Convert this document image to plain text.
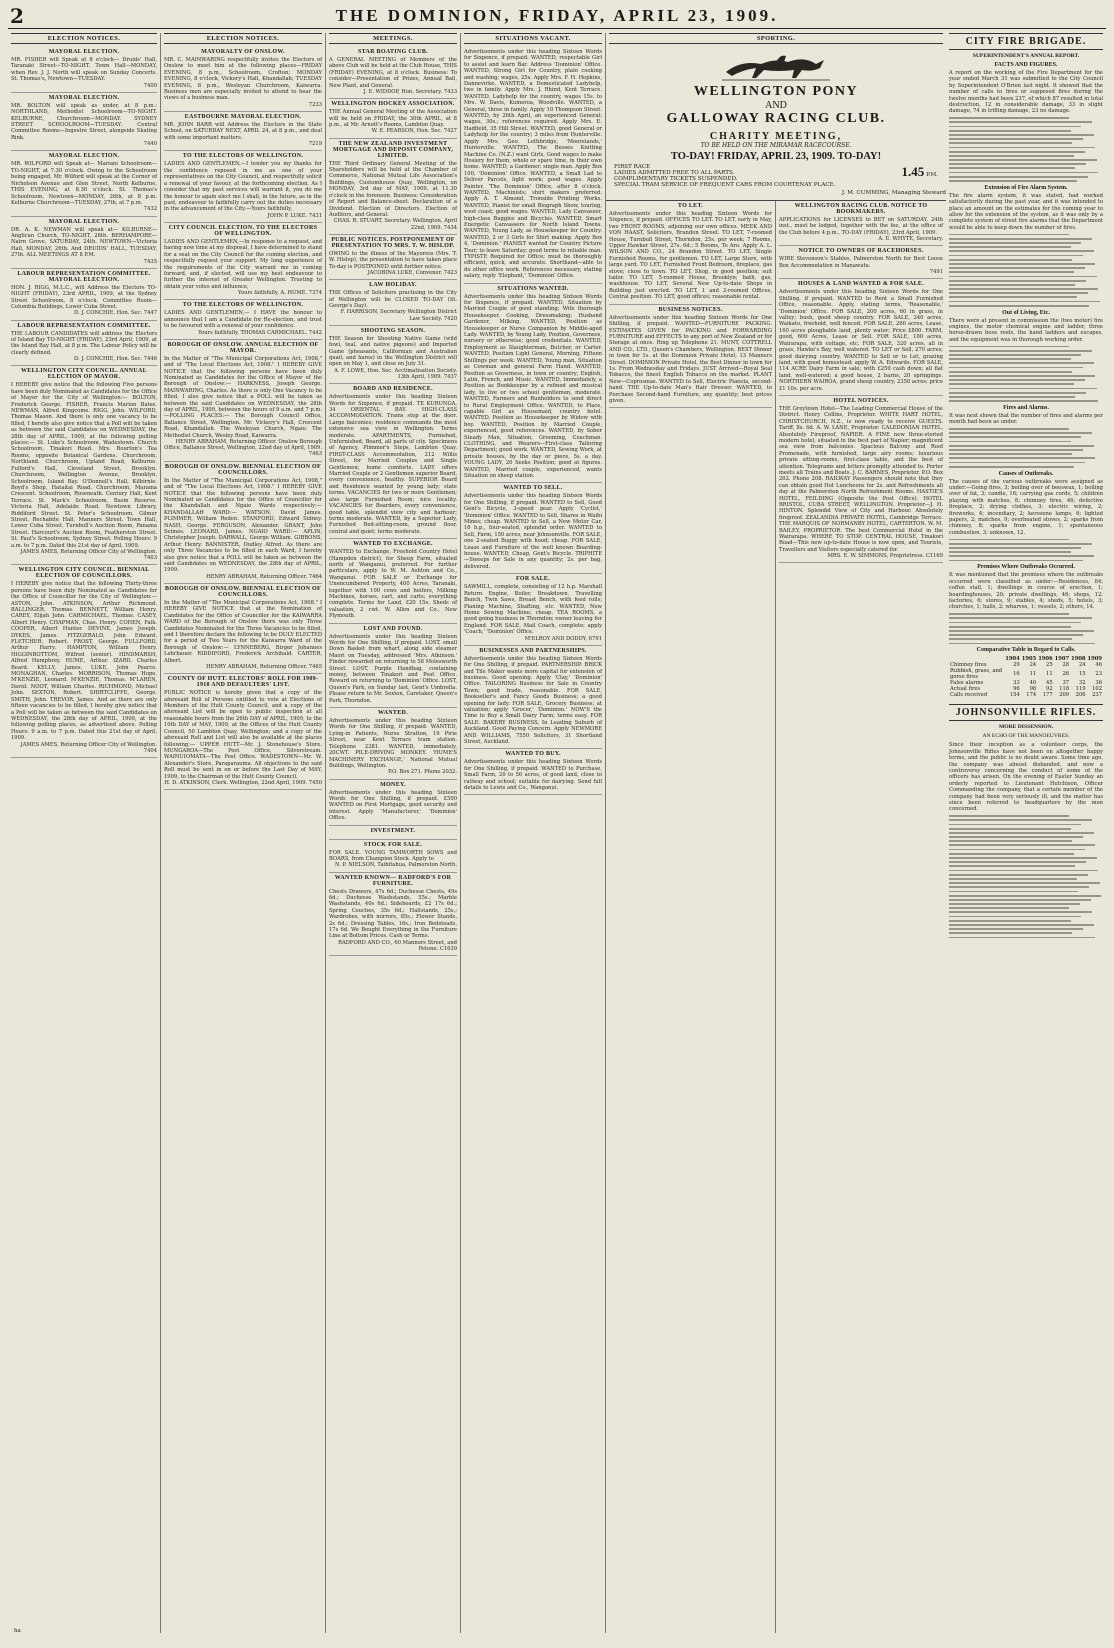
2	THE DOMINION, FRIDAY, APRIL 23, 1909.
ELECTION NOTICES.
MAYORAL ELECTION.
MR. FISHER will Speak at 8 o'clock— Druids' Hall, Taranaki Street—TO-NIGHT. Town Hall—MONDAY, when Rev. J. J. North will speak on Sunday Concerts. St. Thomas's, Newtown—TUESDAY.
7400
MAYORAL ELECTION.
MR. BOLTON will speak as under, at 8 p.m.: NORTHLAND, Methodist Schoolroom—TO-NIGHT. KELBURNE, Churchroom—MONDAY. SYDNEY STREET SCHOOLROOM—TUESDAY. Central Committee Rooms—Ingestre Street, alongside Skating Rink.
7440
MAYORAL ELECTION.
MR. WILFORD will Speak at— Mariani Schoolroom—TO-NIGHT, at 7.30 o'clock. Owing to the Schoolroom being engaged, Mr. Wilford will speak at the Corner of Nicholson Avenue and Glen Street, North Kelburne, THIS EVENING, at 8.30 o'clock. St. Thomas's Schoolroom, Newtown—MONDAY, 26th, at 8 p.m. Kelburne Churchroom—TUESDAY, 27th, at 7 p.m.
7432
MAYORAL ELECTION.
DR. A. K. NEWMAN will speak at— KILBURNE—Anglican Church, TO-NIGHT, 26th. BERHAMPORE—Nairn Grove, SATURDAY, 24th. NEWTOWN—Victoria Hall, MONDAY, 26th. And DRUIDS' HALL, TUESDAY, 27th. ALL MEETINGS AT 8 P.M.
7435
LABOUR REPRESENTATION COMMITTEE. MAYORAL ELECTION.
HON. J. RIGG, M.L.C., will Address the Electors TO-NIGHT (FRIDAY), 23rd APRIL, 1909, at the Sydney Street Schoolroom, 8 o'clock. Committee Room—Columbia Buildings, Lower Cuba Street.
D. J. CONCHIE, Hon. Sec. 7447
LABOUR REPRESENTATION COMMITTEE.
THE LABOUR CANDIDATES will address the Electors of Island Bay TO-NIGHT (FRIDAY), 23rd April, 1909, at the Island Bay Hall, at 8 p.m. The Labour Policy will be clearly defined.
D. J. CONCHIE, Hon. Sec. 7446
WELLINGTON CITY COUNCIL. ANNUAL ELECTION OF MAYOR.
I HEREBY give notice that the following Five persons have been duly Nominated as Candidates for the Office of Mayor for the City of Wellington:— BOLTON, Frederick George. FISHER, Francis Marion Bates. NEWMAN, Alfred Kingcome. RIGG, John. WILFORD, Thomas Mason. And there is only one vacancy to be filled, I hereby also give notice that a Poll will be taken as between the said Candidates on WEDNESDAY, the 28th day of APRIL, 1909, at the following polling places:— St. Luke's Schoolroom, Wadestown. Church Schoolroom, Tinakori Road. Mrs. Bourton's Tea Rooms, opposite Botanical Gardens. Churchroom, Northland. Churchroom, Upland Road, Kelburne. Fulford's Hall, Cleveland Street, Brooklyn. Churchroom, Wellington Avenue, Brooklyn. Schoolroom, Island Bay. O'Donnell's Hall, Kilbirnie. Boyd's Shop, Hataitai Road. Churchroom, Marama Crescent. Schoolroom, Roseneath. Century Hall, Kent Terrace. St. Mark's Schoolroom, Basin Reserve. Victoria Hall, Adelaide Road. Newtown Library, Riddiford Street. St. Peter's Schoolroom, Gilmer Street. Rechabite Hall, Manners Street. Town Hall, Lower Cuba Street. Turnbull's Auction Room, Panama Street. Harcourt's Auction Room, Featherston Street. St. Paul's Schoolroom, Sydney Street. Polling Hours: 9 a.m. to 7 p.m. Dated this 21st day of April, 1909.
JAMES AMES, Returning Officer City of Wellington. 7403
WELLINGTON CITY COUNCIL. BIENNIAL ELECTION OF COUNCILLORS.
I HEREBY give notice that the following Thirty-three persons have been duly Nominated as Candidates for the Office of Councillor for the City of Wellington:— ASTON, John. ATKINSON, Arthur Richmond. BALLINGER, Thomas. BENNETT, William Henry. CAREY, Elijah John. CARMICHAEL, Thomas. CASEY, Albert Henry. CHAPMAN, Chas. Henry. COHEN, Falk. COOPER, Albert Hunter. DEVINE, James Joseph. DYKES, James. FITZGERALD, John Edward. FLETCHER, Robert. FROST, George. FULLFORD, Arthur Harry. HAMPTON, William Henry. HIGGINBOTTOM, Wilfred (senior). HINDMARSH, Alfred Humphrey. HUME, Arthur. IZARD, Charles Beard. KELLY, James. LUKE, John Pearce. MONAGHAN, Charles. MORRISON, Thomas Hope. M'KENZIE, Leonard. M'KENZIE, Thomas. M'LAREN, David. NOOT, William Charles. RICHMOND, Michael John. SEXTON, Robert. SHIRTCLIFFE, George. SMITH, John. TREVOR, James. And as there are only fifteen vacancies to be filled, I hereby give notice that a Poll will be taken as between the said Candidates on WEDNESDAY, the 28th day of APRIL, 1909, at the following polling places, as advertised above. Polling Hours: 9 a.m. to 7 p.m. Dated this 21st day of April, 1909.
JAMES AMES, Returning Officer City of Wellington. 7404
ELECTION NOTICES.
MAYORALTY OF ONSLOW.
MR. C. MAINWARING respectfully invites the Electors of Onslow to meet him at the following places—FRIDAY EVENING, 8 p.m., Schoolroom, Crofton; MONDAY EVENING, 8 o'clock, Vickery's Hall, Khandallah; TUESDAY EVENING, 8 p.m., Wesleyan Churchroom, Kaiwarra. Business men are especially invited to attend to hear the views of a business man.
7233
EASTBOURNE MAYORAL ELECTION.
MR. JOHN BARR will Address the Electors in the State School, on SATURDAY NEXT, APRIL 24, at 8 p.m., and deal with some important matters.
7219
TO THE ELECTORS OF WELLINGTON.
LADIES AND GENTLEMEN,—I tender you my thanks for the confidence reposed in me as one of your representatives on the City Council, and respectfully solicit a renewal of your favour, at the forthcoming election. As I consider that my past services will warrant it, you do me the honour to again elect me I shall, in the future, as in the past, endeavour to faithfully carry out the duties necessary in the advancement of the City.—Yours faithfully,
JOHN P. LUKE. 7431
CITY COUNCIL ELECTION. TO THE ELECTORS OF WELLINGTON.
LADIES AND GENTLEMEN,—In response to a request, and having now time at my disposal, I have determined to stand for a seat on the City Council for the coming election, and respectfully request your support. My long experience of the requirements of the City warrant me in coming forward, and, if elected, will use my best endeavour to further the interest of Greater Wellington. Trusting to obtain your votes and influence,
Yours faithfully, A. HUME. 7374
TO THE ELECTORS OF WELLINGTON.
LADIES AND GENTLEMEN,— I HAVE the honour to announce that I am a Candidate for Re-election, and trust to be favoured with a renewal of your confidence.
Yours faithfully, THOMAS CARMICHAEL. 7442
BOROUGH OF ONSLOW. ANNUAL ELECTION OF MAYOR.
In the Matter of "The Municipal Corporations Act, 1908," and of "The Local Elections Act, 1908." I HEREBY GIVE NOTICE that the following persons have been duly Nominated as Candidates for the Office of Mayor of the Borough of Onslow:— HARKNESS, Joseph George. MAINWARING, Charles. As there is only One Vacancy to be filled, I also give notice that a POLL will be taken as between the said Candidates on WEDNESDAY, the 28th day of APRIL, 1909, between the hours of 9 a.m. and 7 p.m. —POLLING PLACES:— The Borough Council Office, Ballance Street, Wellington. Mr. Vickery's Hall, Crescent Road, Khandallah. The Wesleyan Church, Ngaio. The Methodist Church, Wesley Road, Kaiwarra.
HENRY ABRAHAM, Returning Officer. Onslow Borough Office, Ballance Street, Wellington, 22nd day of April, 1909. 7463
BOROUGH OF ONSLOW. BIENNIAL ELECTION OF COUNCILLORS.
In the Matter of "The Municipal Corporations Act, 1908," and of "The Local Elections Act, 1908." I HEREBY GIVE NOTICE that the following persons have been duly Nominated as Candidates for the Office of Councillor for the Khandallah and Ngaio Wards respectively:— KHANDALLAH WARD:— WATSON, David James. PLIMMER, William Reden. STANFORD, Edward Sidney. NASH, George. FERGUSON, Alexander. GRANT, John Selmes. LEONARD, James. NGAIO WARD:— APLIN, Christopher Joseph. DARWALL, George William. GIBBONS, Arthur Henry. BANNISTER, Dudley Alfred. As there are only Three Vacancies to be filled in each Ward, I hereby also give notice that a POLL will be taken as between the said Candidates on WEDNESDAY, the 28th day of APRIL, 1909.
HENRY ABRAHAM, Returning Officer. 7464
BOROUGH OF ONSLOW. BIENNIAL ELECTION OF COUNCILLORS.
In the Matter of "The Municipal Corporations Act, 1908." I HEREBY GIVE NOTICE that at the Nomination of Candidates for the Office of Councillor for the KAIWARRA WARD of the Borough of Onslow there was only Three Candidates Nominated for the Three Vacancies to be filled, and I therefore declare the following to be DULY ELECTED for a period of Two Years for the Kaiwarra Ward of the Borough of Onslow:— LYNNEBERG, Birger Johannes Lehrbauer. RIDDIFORD, Frederick Archibald. CARTER, Albert.
HENRY ABRAHAM, Returning Officer. 7465
COUNTY OF HUTT. ELECTORS' ROLL FOR 1909-1910 AND DEFAULTERS' LIST.
PUBLIC NOTICE is hereby given that a copy of the aforesaid Roll of Persons entitled to vote at Elections of Members of the Hutt County Council, and a copy of the aforesaid List will be open to public inspection at all reasonable hours from the 26th DAY of APRIL, 1909, to the 10th DAY of MAY, 1909, at the Offices of the Hutt County Council, 50 Lambton Quay, Wellington; and a copy of the aforesaid Roll and List will also be available at the places following:— UPPER HUTT—Mr. J. Stonehouse's Store. MUNGAROA—The Post Office, Silverstream. WAINUIOMATA—The Post Office. WADESTOWN—Mr. W. Alexander's Store, Paraparaumu. All objections to the said Roll must be sent in on or before the Last Day of MAY, 1909, to the Chairman of the Hutt County Council.
H. D. ATKINSON, Clerk. Wellington, 22nd April, 1909. 7450
MEETINGS.
STAR BOATING CLUB.
A GENERAL MEETING of Members of the above Club will be held at the Club House, THIS (FRIDAY) EVENING, at 8 o'clock. Business: To consider—Presentation of Prizes, Annual Ball, New Plant, and General.
J. E. WIDDOP, Hon. Secretary. 7433
WELLINGTON HOCKEY ASSOCIATION.
THE Annual General Meeting of the Association will be held on FRIDAY, the 30th APRIL, at 8 p.m., at Mr. Arnott's Rooms, Lambton Quay.
W. E. PEARSON, Hon. Sec. 7427
THE NEW ZEALAND INVESTMENT MORTGAGE AND DEPOSIT COMPANY, LIMITED.
THE Third Ordinary General Meeting of the Shareholders will be held at the Chamber of Commerce, National Mutual Life Association's Buildings, Customhouse Quay, Wellington, on MONDAY, 3rd day of MAY, 1909, at 11.30 o'clock in the forenoon. Business: Consideration of Report and Balance-sheet. Declaration of a Dividend. Election of Directors. Election of Auditors, and General.
CHAS. R. STUART, Secretary. Wellington, April 22nd, 1909. 7434
PUBLIC NOTICES. POSTPONEMENT OF PRESENTATION TO MRS. T. W. HISLOP.
OWING to the illness of the Mayoress (Mrs. T. W. Hislop), the presentation to have taken place To-day is POSTPONED until further notice.
JACOBINA LUKE, Convener. 7423
LAW HOLIDAY.
THE Offices of Solicitors practising in the City of Wellington will be CLOSED TO-DAY (St. George's Day).
F. HARRISON, Secretary Wellington District Law Society. 7420
SHOOTING SEASON.
THE Season for Shooting Native Game (wild fowl, teal, and native pigeons) and Imported Game (pheasants, Californian and Australian quail, and hares) in the Wellington District will open on May 1, and close on July 31.
A. F. LOWE, Hon. Sec. Acclimatisation Society. 13th April, 1909. 7437
BOARD AND RESIDENCE.
Advertisements under this heading Sixteen Words for Sixpence, if prepaid. TE KURUNGA, 34 ORIENTAL BAY. HIGH-CLASS ACCOMMODATION. Trams stop at the door. Large balconies; residence commands the most extensive sea view in Wellington. Terms moderate. APARTMENTS, Furnished, Unfurnished, Board, all parts of city. Specimens of Agency, Plimmer's Steps, Lambton Quay. FIRST-CLASS Accommodation, 212 Willis Street, for Married Couples and Single Gentlemen; home comforts. LADY offers Married Couple or 2 Gentlemen superior Board, every convenience, healthy. SUPERIOR Board and Residence wanted by young lady; state terms. VACANCIES for two or more Gentlemen; also large Furnished Room; nice locality. VACANCIES for Boarders, every convenience, good table, splendid view city and harbour; terms moderate. WANTED, by a Superior Lady, Furnished Bed-sitting-room, ground floor, central and quiet; terms moderate.
WANTED TO EXCHANGE.
WANTED to Exchange, Freehold Country Hotel (Hampden district), for Sheep Farm, situated north of Wanganui, preferred. For further particulars, apply to W. M. Ashton and Co., Wanganui. FOR SALE or Exchange for Unencumbered Property, 400 Acres, Taranaki, together with 100 cows and heifers, Milking Machines, horses, cart, and carts; everything complete. Terms for Land, £20 15s. Sheds of valuation, 2 cwt. W. Allen and Co., New Plymouth.
LOST AND FOUND.
Advertisements under this heading Sixteen Words for One Shilling, if prepaid. LOST, small Down Basket from wharf, along side steamer Maori on Tuesday, addressed 'Mrs. Atkinson.' Finder rewarded on returning to 58 Molesworth Street. LOST, Purple Handbag, containing money, between Tinakori and Post Office. Reward on returning to 'Dominion' Office. LOST, Queen's Park, on Sunday last, Gent's Umbrella. Please return to Mr. Sexton, Caretaker, Queen's Park, Thorndon.
WANTED.
Advertisements under this heading Sixteen Words for One Shilling, if prepaid. WANTED, Lying-in Patients, Nurse Stratton, 19 Pirie Street, near Kent Terrace tram station. Telephone 2381. WANTED, immediately, 20CWT. PILE-DRIVING MONKEY. 'HUME'S MACHINERY EXCHANGE,' National Mutual Buildings, Wellington.
P.O. Box 271. Phone 2032.
MONEY.
Advertisements under this heading Sixteen Words for One Shilling, if prepaid. £500 WANTED on First Mortgage, good security and interest. Apply 'Manufacturer,' 'Dominion' Office.
INVESTMENT.
STOCK FOR SALE.
FOR SALE. YOUNG TAMWORTH SOWS and BOARS, from Champion Stock. Apply to
N. P. NIELSON, Taihitahua, Palmerston North.
WANTED KNOWN— RADFORD'S FOR FURNITURE.
Chests Drawers, 47s 6d.; Duchesse Chests, 49s 6d.; Duchesse Washstands, 55s.; Marble Washstands, 40s 6d.; Sideboards, £2 17s 6d.; Spring Couches, 35s 6d.; Hallstands, 25s.; Wardrobes, with mirrors, 85s.; Flower Stands, 2s 6d.; Dressing Tables, 16s.; Iron Bedsteads, 17s 6d. We Bought Everything in the Furniture Line at Bottom Prices. Cash or Terms.
RADFORD AND CO., 60 Manners Street, and Petone. C1639
SITUATIONS VACANT.
Advertisements under this heading Sixteen Words for Sixpence, if prepaid. WANTED, respectable Girl to assist and learn Bar. Address 'Dominion' Office. WANTED, Strong Girl for Country, plain cooking and washing; wages, 25s. Apply Mrs. F. H. Hopkins, Dannevirke. WANTED, a Domesticated Ladyhelp, two in family. Apply Mrs. J. Rhind, Kent Terrace. WANTED, Ladyhelp for the country, wages 15s. to Mrs. W. Davis, Kumeroa, Woodville. WANTED, a General, three in family. Apply 10 Thompson Street. WANTED, by 26th April, an experienced General; wages, 30s.; references required. Apply Mrs. E. Hadfield, 35 Hill Street. WANTED, good General or Ladyhelp for the country; 3 miles from Hunterville. Apply Mrs. Geo. Lethbridge, 'Moorelands,' Hunterville. WANTED, The Busses Knitting Machine Co. (N.Z.) want Girls, Good wages to make Hosiery for them, whole or spare time, in their own home. WANTED, a Gardener: single man. Apply Box 100, 'Dominion' Office. WANTED, a Small Lad to Deliver Parcels, light work; good wages. Apply Painter, 'The Dominion' Office, after 8 o'clock. WANTED, Machinists; shirt makers preferred. Apply A. T. Almond, Tronside Printing Works. WANTED, Pianist for small Biograph Show, touring, west coast; good wages. WANTED, Lady Canvasser, high-class Buggies and Bicycles. WANTED, Smart Energetic Canvassers for North Island Towns. WANTED, Young Lady, as Housekeeper for Country. WANTED, 2 or 3 Girls for Shirt making. Apply Box 4, 'Dominion.' PIANIST wanted for Country Picture Tour; to leave Saturday; good terms to reliable man. TYPISTE Required for Office; must be thoroughly efficient, quick, and accurate. Shorthand—able to do other office work. References necessary, stating salary, reply 'Elephant,' 'Dominion' Office.
SITUATIONS WANTED.
Advertisements under this heading Sixteen Words for Sixpence, if prepaid. WANTED, Situation by Married Couple of good standing; Wife thorough Housekeeper, Cooking, Dressmaking; Husband Gardener, Milking. WANTED, Position as Housekeeper or Nurse Companion by Middle-aged Lady. WANTED, by Young Lady, Position, Governess, nursery or otherwise; good credentials. WANTED, Employment as Slaughterman, Butcher, or Carter. WANTED, Position Light General, Morning, Fifteen Shillings per week. WANTED, Young man, Situation as Cowman and general Farm Hand. WANTED, Position as Governess, in town or country; English, Latin, French, and Music. WANTED, Immediately, a Position as Bookkeeper by a refined and musical lady, to live or two school gentlemen, moderate. WANTED, Farmers and Runholders to send direct to Rural Employment Office. WANTED, to Place, capable Girl as Housemaid, country hotel. WANTED, Position as Housekeeper by Widow with boy. WANTED, Position by Married Couple, experienced, good references. WANTED, by Sober Steady Man, Situation, Grooming, Coachman. CLOTHING, and Wearers—First-class Tailoring Department; good work. WANTED, Sewing Work, at private houses, by the day or piece, 5s. a day. YOUNG LADY, 20 Seeks Position; good at figures. WANTED, Married couple, experienced, wants Situation on sheep station.
WANTED TO SELL.
Advertisements under this heading Sixteen Words for One Shilling, if prepaid. WANTED to Sell, Good Gent's Bicycle, 3-speed gear. Apply 'Cyclist,' 'Dominion' Office. WANTED to Sell, Shares in Waihi Mines; cheap. WANTED to Sell, a New Motor Car, 16 h.p., four-seated, splendid order. WANTED to Sell, Farm, 150 acres, near Johnsonville. FOR SALE, one 2-seated Buggy with hood; cheap. FOR SALE, Lease and Furniture of the well known Boarding-house. WANTED, Cheap, Gent's Bicycle. TRIPHITE—Sweeps for Sale in any quantity; 2s. per bag, delivered.
FOR SALE.
SAWMILL, complete, consisting of 12 h.p. Marshall Return Engine, Boiler, Breakdown, Travelling Bench, Twin Saws, Breast Bench, with feed rolls; Planing Machine, Shafting, etc. WANTED, New Home Sewing Machine; cheap. TEA ROOMS, a good going business in Thorndon; owner leaving for England. FOR SALE, Mail Coach, complete; apply 'Coach,' 'Dominion' Office.
M'ELROY AND DODDY, 6791
BUSINESSES AND PARTNERSHIPS.
Advertisements under this heading Sixteen Words for One Shilling, if prepaid. PARTNERSHIP. BRICK and Tile Maker wants more capital for extension of business. Good opening. Apply 'Clay,' 'Dominion' Office. TAILORING Business for Sale in Country Town; good trade, reasonable. FOR SALE, Bookseller's and Fancy Goods Business; a good opening for lady. FOR SALE, Grocery Business; at valuation; apply 'Grocer,' 'Dominion.' NOW'S the Time to Buy a Small Dairy Farm; terms easy. FOR SALE. BAKERY BUSINESS, In Leading Suburb of Auckland. Good Paying Concern. Apply NEWMORE AND WILLIAMS, 7550 Solicitors, 31 Shortland Street, Auckland.
WANTED TO BUY.
Advertisements under this heading Sixteen Words for One Shilling, if prepaid. WANTED to Purchase, Small Farm, 20 to 50 acres, of good land, close to railway and school; suitable for dairying. Send full details to Lewis and Co., Wanganui.
SPORTING.
WELLINGTON PONY
AND
GALLOWAY RACING CLUB.
CHARITY MEETING,
TO BE HELD ON THE MIRAMAR RACECOURSE.
TO-DAY! FRIDAY, APRIL 23, 1909. TO-DAY!
FIRST RACE
LADIES ADMITTED FREE TO ALL PARTS.
COMPLIMENTARY TICKETS SUSPENDED.
SPECIAL TRAM SERVICE OF FREQUENT CARS FROM COURTENAY PLACE.
1.45 P.M.
J. M. CUMMING, Managing Steward
TO LET.
Advertisements under this heading Sixteen Words for Sixpence, if prepaid. OFFICES TO LET. TO LET, early in May, two FRONT ROOMS, adjoining our own offices. MEEK AND VON HAAST, Solicitors, Brandon Street. TO LET, 7-roomed House, Turnbull Street, Thorndon, 25s. per week; 7 Rooms, Upper Hawker Street, 27s. 6d.; 5 Rooms, Te Aro. Apply A. L. WILSON AND CO., 24 Brandon Street. TO LET, Single Furnished Rooms, for gentlemen. TO LET, Large Store, with large yard. TO LET, Furnished Front Bedroom, fireplace, gas stove; close to town. TO LET, Shop, in good position; suit tailor. TO LET, 5-roomed House, Brooklyn; bath, gas, washhouse. TO LET, Several New Up-to-date Shops in Building just erected. TO LET, 1 and 2-roomed Offices, Central position. TO LET, good offices; reasonable rental.
BUSINESS NOTICES.
Advertisements under this heading Sixteen Words for One Shilling, if prepaid. WANTED—FURNITURE PACKING. ESTIMATES GIVEN for PACKING and FORWARDING FURNITURE and EFFECTS to any port of New Zealand or for Storage at once. Ring up Telephone 21. MUNT, COTTRELL AND CO., LTD., Queen's Chambers, Wellington. BEST Dinner in town for 1s. at the Dominion Private Hotel, 13 Manners Street. DOMINION Private Hotel, the Best Dinner in town for 1s. From Wednesday and Fridays. JUST Arrived—Royal Seal Tobacco, the finest English Tobacco on the market. PLANT New—Coprosmas. WANTED to Sell, Electric Pianola, second-hand. THE Up-to-date Man's Hair Dresser. WANTED, to Purchase Second-hand Furniture, any quantity; best prices given.
WELLINGTON RACING CLUB. NOTICE TO BOOKMAKERS.
APPLICATIONS for LICENSES to BET on SATURDAY, 24th inst., must be lodged, together with the fee, at the office of the Club before 4 p.m., TO-DAY (FRIDAY), 23rd April, 1909.
A. E. WHYTE, Secretary.
NOTICE TO OWNERS OF RACEHORSES.
WIRE Stevenson's Stables, Palmerston North for Best Loose Box Accommodation in Manawatu.
7491
HOUSES & LAND WANTED & FOR SALE.
Advertisements under this heading Sixteen Words for One Shilling, if prepaid. WANTED to Rent a Small Furnished Office, reasonable. Apply, stating terms, 'Reasonable,' 'Dominion' Office. FOR SALE, 200 acres, 60 in grass, in valley; bush, good sheep country. FOR SALE, 240 acres, Waikato, freehold, well fenced. FOR SALE, 260 acres, Lease, 160 acres ploughable land, plenty water; Price £800. FARM, good, 600 Acres, Lease or Sell. FOR SALE, 100 acres, Wairarapa, with cottage, etc. FOR SALE, 320 acres, all in grass, Hawke's Bay, well watered. TO LET or Sell, 270 acres; good dairying country. WANTED to Sell or to Let, grazing land, with good homestead; apply W. A. Edwards. FOR SALE, 114 ACRE Dairy Farm in sale; with £250 cash down; all flat land, well-watered; a good house, 2 barns, 20 springings. NORTHERN WAIROA, grand sheep country, 2350 acres; price £1 10s. per acre.
HOTEL NOTICES.
THE Greytown Hotel—The Leading Commercial House of the District. Henry Collins, Proprietor. WHITE HART HOTEL, CHRISTCHURCH, N.Z., is now ready to receive GUESTS. Tariff, 8s. 6d. A. W. LANE, Proprietor. CALEDONIAN HOTEL, Absolutely Fireproof, NAPIER. A FINE new three-storied modern hotel, situated in the best part of Napier; magnificent sea view from balconies. Spacious Balcony and Roof Promenade, with furnished, large airy rooms; luxurious private sitting-rooms, first-class table, and the best of attention. Telegrams and letters promptly attended to. Porter meets all Trains and Boats. J. C. BARNES, Proprietor. P.O. Box 202. Phone 208. RAILWAY Passengers should note that they can obtain good Hot Luncheons for 2s. and Refreshments all day at the Palmerston North Refreshment Rooms. HASTIE'S HOTEL, FEILDING (Opposite the Post Office). HOTEL BRISTOL, CUBA STREET, WELLINGTON. Proprietor—J. H. HINTON. Splendid View of City and Harbour. Absolutely fireproof. ZEALANDIA PRIVATE HOTEL, Cambridge Terrace. THE MARQUIS OF NORMANBY HOTEL, CARTERTON. W. M. BAILEY, PROPRIETOR. The best Commercial Hotel in the Wairarapa. WHERE TO STOP. CENTRAL HOUSE, Tinakori Road—This new up-to-date House is now open, and Tourists, Travellers and Visitors especially catered for.
MRS. E. W. SIMMONS, Proprietress. C1169
CITY FIRE BRIGADE.
SUPERINTENDENT'S ANNUAL REPORT.
FACTS AND FIGURES.
A report on the working of the Fire Department for the year ended March 31 was submitted to the City Council by Superintendent O'Brien last night. It showed that the number of calls to fires or supposed fires during the twelve months had been 237, of which 87 resulted in total destruction, 12 in considerable damage, 33 in slight damage, 74 in trifling damage, 23 no damage.
Extension of Fire Alarm System.
The fire alarm system, it was stated, had worked satisfactorily during the past year, and it was intended to place an amount on the estimates for the coming year to allow for the extension of the system, as it was only by a complete system of street fire alarms that the Department would be able to keep down the number of fires.
Out of Living, Etc.
There were at present in commission the (two motor) fire engines, the motor chemical engine and ladder, three horse-drawn hose reels, the hand ladders and escapes, and the equipment was in thorough working order.
Fires and Alarms.
It was next shown that the number of fires and alarms per month had been as under.
Causes of Outbreaks.
The causes of the various outbreaks were assigned as under:—Going fires, 3; boiling over of beeswax, 1; boiling over of fat, 3; candle, 16; carrying gas cords, 5; children playing with matches, 8; chimney fires, 46; defective fireplace, 2; drying clothes, 3; electric wiring, 2; fireworks, 4; incendiary, 2; kerosene lamps, 6; lighted papers, 2; matches, 9; overheated stoves, 2; sparks from chimney, 8; sparks from engine, 1; spontaneous combustion, 3; unknown, 12.
Premises Where Outbreaks Occurred.
It was mentioned that the premises where the outbreaks occurred were classified as under:—Residences, 84; coffee stall, 1; dwellings in course of erection, 1; boardinghouses, 20; private dwellings, 46; shops, 12; factories, 6; stores, 9; stables, 4; sheds, 5; hotels, 3; churches, 1; halls, 2; wharves, 1; vessels, 2; others, 14.
Comparative Table in Regard to Calls.
	1904	1905	1906	1907	1908	1909
Chimney fires	29	24	25	28	24	46
Rubbish, grass, and gorse fires	16	11	11	26	15	23
False alarms	33	40	45	37	32	36
Actual fires	96	98	92	118	119	102
Calls received	154	174	177	209	206	237
JOHNSONVILLE RIFLES.
MORE DISSENSION.
AN ECHO OF THE MANOEUVRES.
Since their inception as a volunteer corps, the Johnsonville Rifles have not been on altogether happy terms, and the public is no doubt aware. Some time ago, the company was almost disbanded, and now a controversy concerning the conduct of some of the officers has arisen. On the evening of Easter Sunday an orderly reported to Lieutenant Hutchison, Officer Commanding the company, that a certain member of the company had been very seriously ill, and the matter has since been referred to headquarters by the men concerned.
ha
